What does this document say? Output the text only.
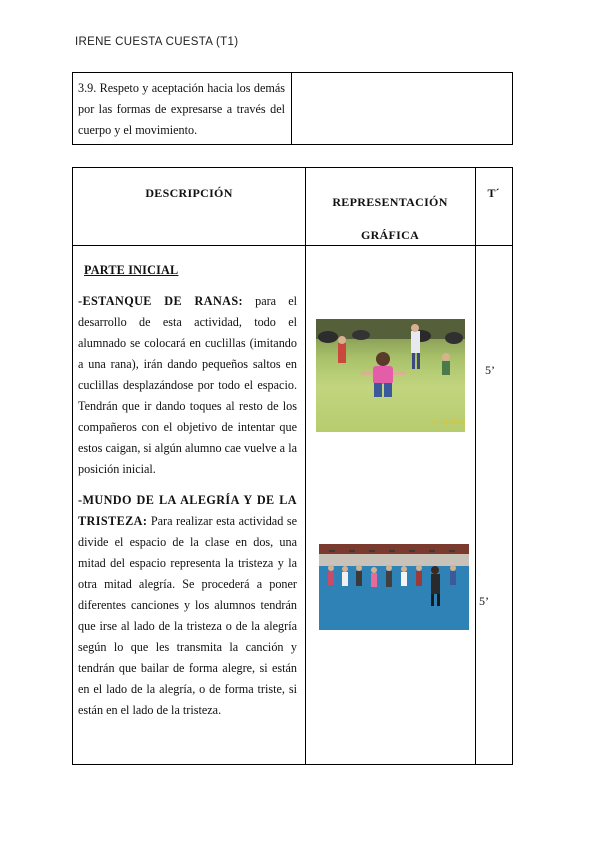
IRENE CUESTA CUESTA (T1)
3.9. Respeto y aceptación hacia los demás por las formas de expresarse a través del cuerpo y el movimiento.
DESCRIPCIÓN
REPRESENTACIÓN
GRÁFICA
T´

PARTE INICIAL

-ESTANQUE DE RANAS: para el desarrollo de esta actividad, todo el alumnado se colocará en cuclillas (imitando a una rana), irán dando pequeños saltos en cuclillas desplazándose por todo el espacio. Tendrán que ir dando toques al resto de los compañeros con el objetivo de intentar que estos caigan, si algún alumno cae vuelve a la posición inicial.

-MUNDO DE LA ALEGRÍA Y DE LA TRISTEZA: Para realizar esta actividad se divide el espacio de la clase en dos, una mitad del espacio representa la tristeza y la otra mitad alegría. Se procederá a poner diferentes canciones y los alumnos tendrán que irse al lado de la tristeza o de la alegría según lo que les transmita la canción y tendrán que bailar de forma alegre, si están en el lado de la alegría, o de forma triste, si están en el lado de la tristeza.

11.04.2014
5’
5’
